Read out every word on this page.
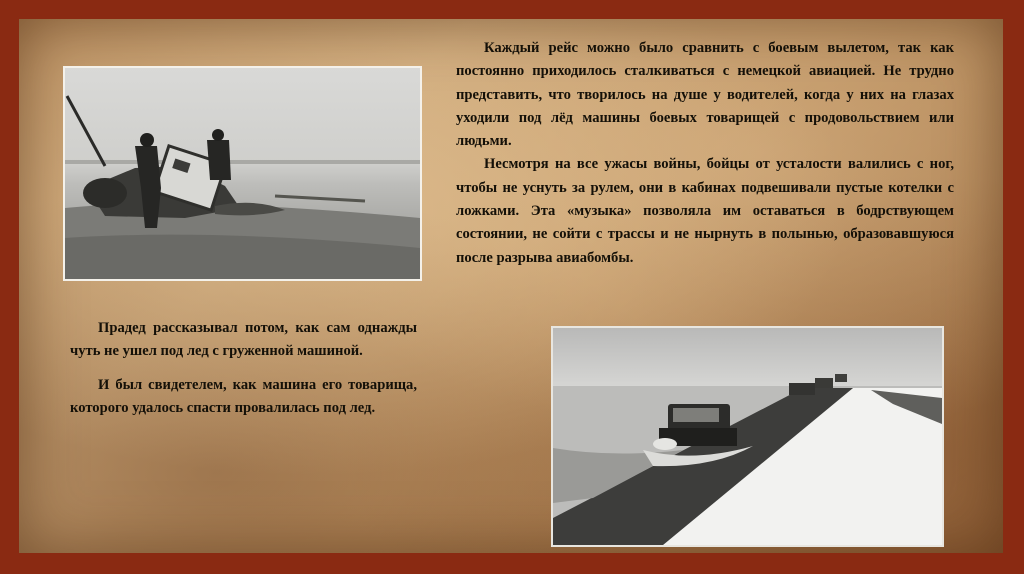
Каждый рейс можно было сравнить с боевым вылетом, так как постоянно приходилось сталкиваться с немецкой авиацией. Не трудно представить, что творилось на душе у водителей, когда у них на глазах уходили под лёд машины боевых товарищей с продовольствием или людьми.

Несмотря на все ужасы войны, бойцы от усталости валились с ног, чтобы не уснуть за рулем, они в кабинах подвешивали пустые котелки с ложками. Эта «музыка» позволяла им оставаться в бодрствующем состоянии, не сойти с трассы и не нырнуть в полынью, образовавшуюся после разрыва авиабомбы.

Прадед рассказывал потом, как сам однажды чуть не ушел под лед с груженной машиной.

И был свидетелем, как машина его товарища, которого удалось спасти провалилась под лед.
